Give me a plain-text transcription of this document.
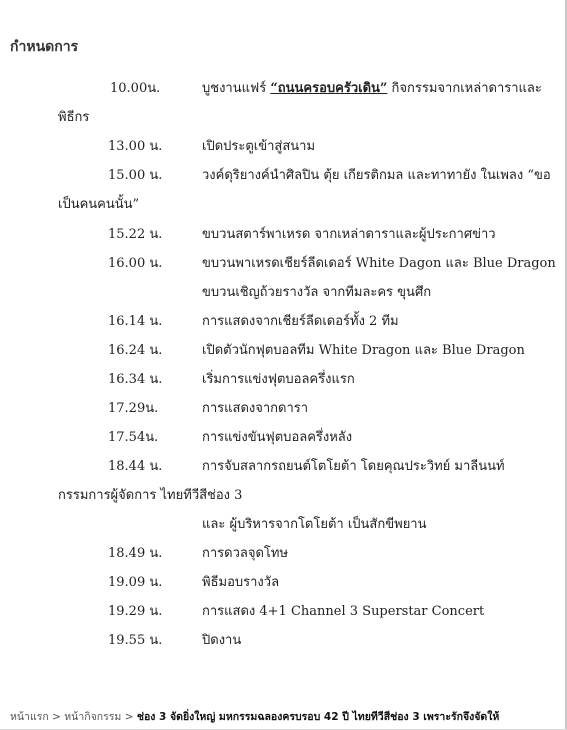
กำหนดการ
10.00น.	บูชงานแฟร์ “ถนนครอบครัวเดิน” กิจกรรมจากเหล่าดาราและ
พิธีกร
13.00 น.	เปิดประตูเข้าสู่สนาม
15.00 น.	วงค์ดุริยางค์นำศิลปิน ตุ้ย เกียรติกมล และทาทายัง ในเพลง “ขอ
เป็นคนคนนั้น”
15.22 น.	ขบวนสตาร์พาเหรด จากเหล่าดาราและผู้ประกาศข่าว
16.00 น.	ขบวนพาเหรดเชียร์ลีดเดอร์ White Dagon และ Blue Dragon
ขบวนเชิญถ้วยรางวัล จากทีมละคร ขุนศึก
16.14 น.	การแสดงจากเชียร์ลีดเดอร์ทั้ง 2 ทีม
16.24 น.	เปิดตัวนักฟุตบอลทีม White Dragon และ Blue Dragon
16.34 น.	เริ่มการแข่งฟุตบอลครึ่งแรก
17.29น.	การแสดงจากดารา
17.54น.	การแข่งขันฟุตบอลครึ่งหลัง
18.44 น.	การจับสลากรถยนต์โตโยต้า โดยคุณประวิทย์ มาลีนนท์
กรรมการผู้จัดการ ไทยทีวีสีช่อง 3
และ ผู้บริหารจากโตโยต้า เป็นสักขีพยาน
18.49 น.	การดวลจุดโทษ
19.09 น.	พิธีมอบรางวัล
19.29 น.	การแสดง 4+1 Channel 3 Superstar Concert
19.55 น.	ปิดงาน
หน้าแรก > หน้ากิจกรรม > ช่อง 3 จัดยิ่งใหญ่ มหกรรมฉลองครบรอบ 42 ปี ไทยทีวีสีช่อง 3 เพราะรักจึงจัดให้
